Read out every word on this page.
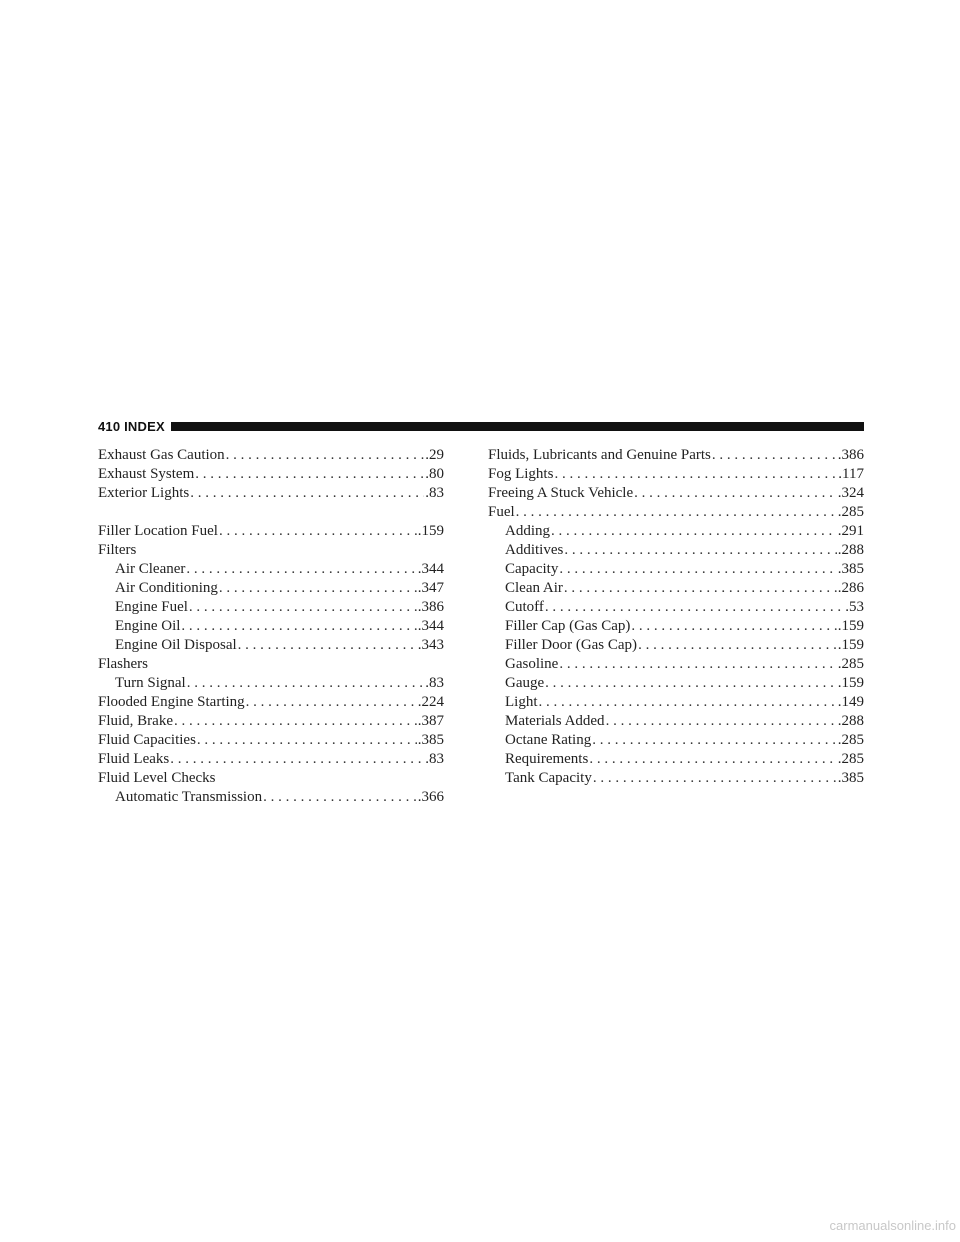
410 INDEX
Exhaust Gas Caution . . .	.29
Exhaust System . . .	.80
Exterior Lights . . .	.83
Filler Location Fuel . . .	.159
Filters
Air Cleaner . . .	.344
Air Conditioning . . .	.347
Engine Fuel . . .	.386
Engine Oil . . .	.344
Engine Oil Disposal . . .	.343
Flashers
Turn Signal . . .	.83
Flooded Engine Starting . . .	.224
Fluid, Brake . . .	.387
Fluid Capacities . . .	.385
Fluid Leaks . . .	.83
Fluid Level Checks
Automatic Transmission . . .	.366
Fluids, Lubricants and Genuine Parts . . .	.386
Fog Lights . . .	.117
Freeing A Stuck Vehicle . . .	.324
Fuel . . .	.285
Adding . . .	.291
Additives . . .	.288
Capacity . . .	.385
Clean Air . . .	.286
Cutoff . . .	.53
Filler Cap (Gas Cap) . . .	.159
Filler Door (Gas Cap) . . .	.159
Gasoline . . .	.285
Gauge . . .	.159
Light . . .	.149
Materials Added . . .	.288
Octane Rating . . .	.285
Requirements . . .	.285
Tank Capacity . . .	.385
carmanualsonline.info
